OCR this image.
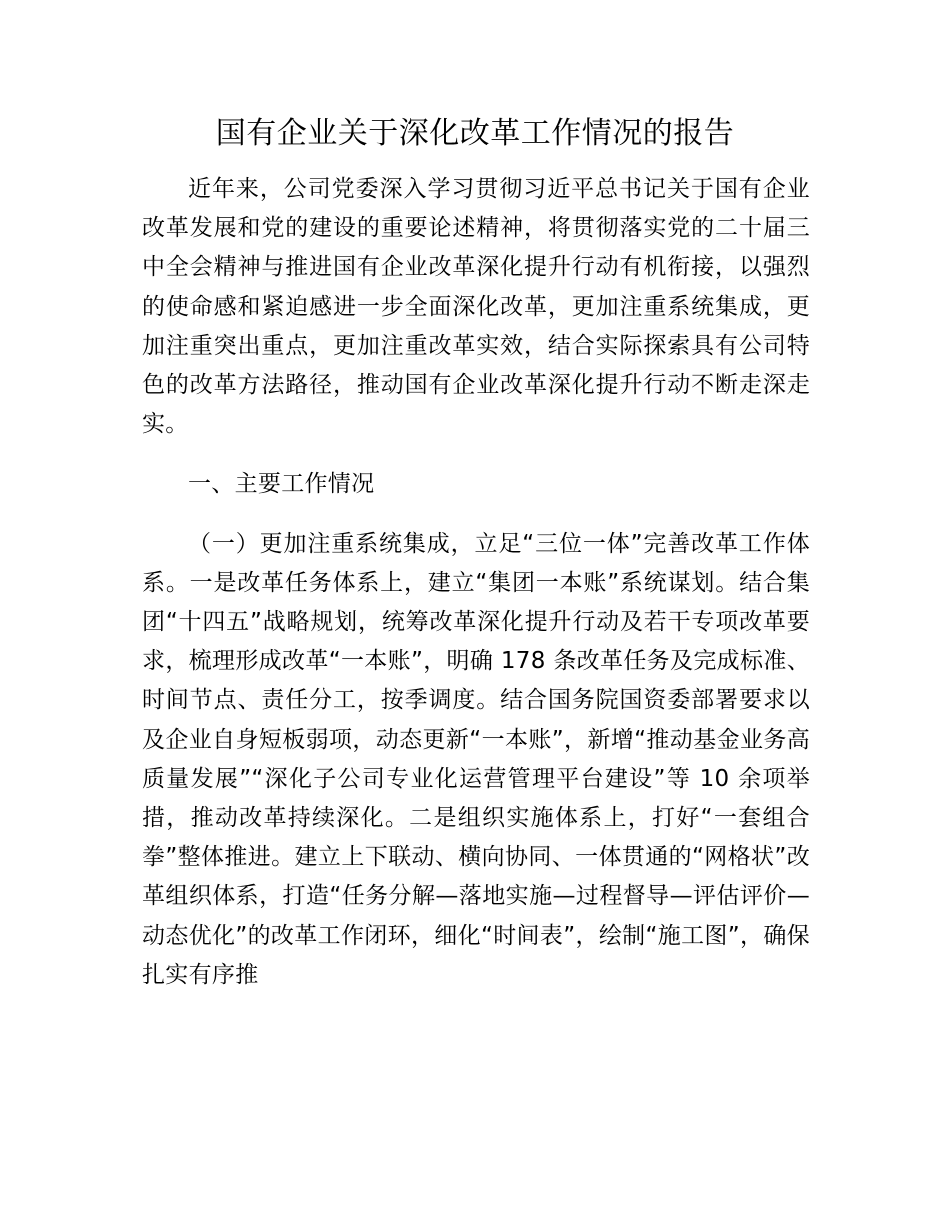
国有企业关于深化改革工作情况的报告

近年来，公司党委深入学习贯彻习近平总书记关于国有企业改革发展和党的建设的重要论述精神，将贯彻落实党的二十届三中全会精神与推进国有企业改革深化提升行动有机衔接，以强烈的使命感和紧迫感进一步全面深化改革，更加注重系统集成，更加注重突出重点，更加注重改革实效，结合实际探索具有公司特色的改革方法路径，推动国有企业改革深化提升行动不断走深走实。

一、主要工作情况

（一）更加注重系统集成，立足“三位一体”完善改革工作体系。一是改革任务体系上，建立“集团一本账”系统谋划。结合集团“十四五”战略规划，统筹改革深化提升行动及若干专项改革要求，梳理形成改革“一本账”，明确 178 条改革任务及完成标准、时间节点、责任分工，按季调度。结合国务院国资委部署要求以及企业自身短板弱项，动态更新“一本账”，新增“推动基金业务高质量发展”“深化子公司专业化运营管理平台建设”等 10 余项举措，推动改革持续深化。二是组织实施体系上，打好“一套组合拳”整体推进。建立上下联动、横向协同、一体贯通的“网格状”改革组织体系，打造“任务分解—落地实施—过程督导—评估评价—动态优化”的改革工作闭环，细化“时间表”，绘制“施工图”，确保扎实有序推
